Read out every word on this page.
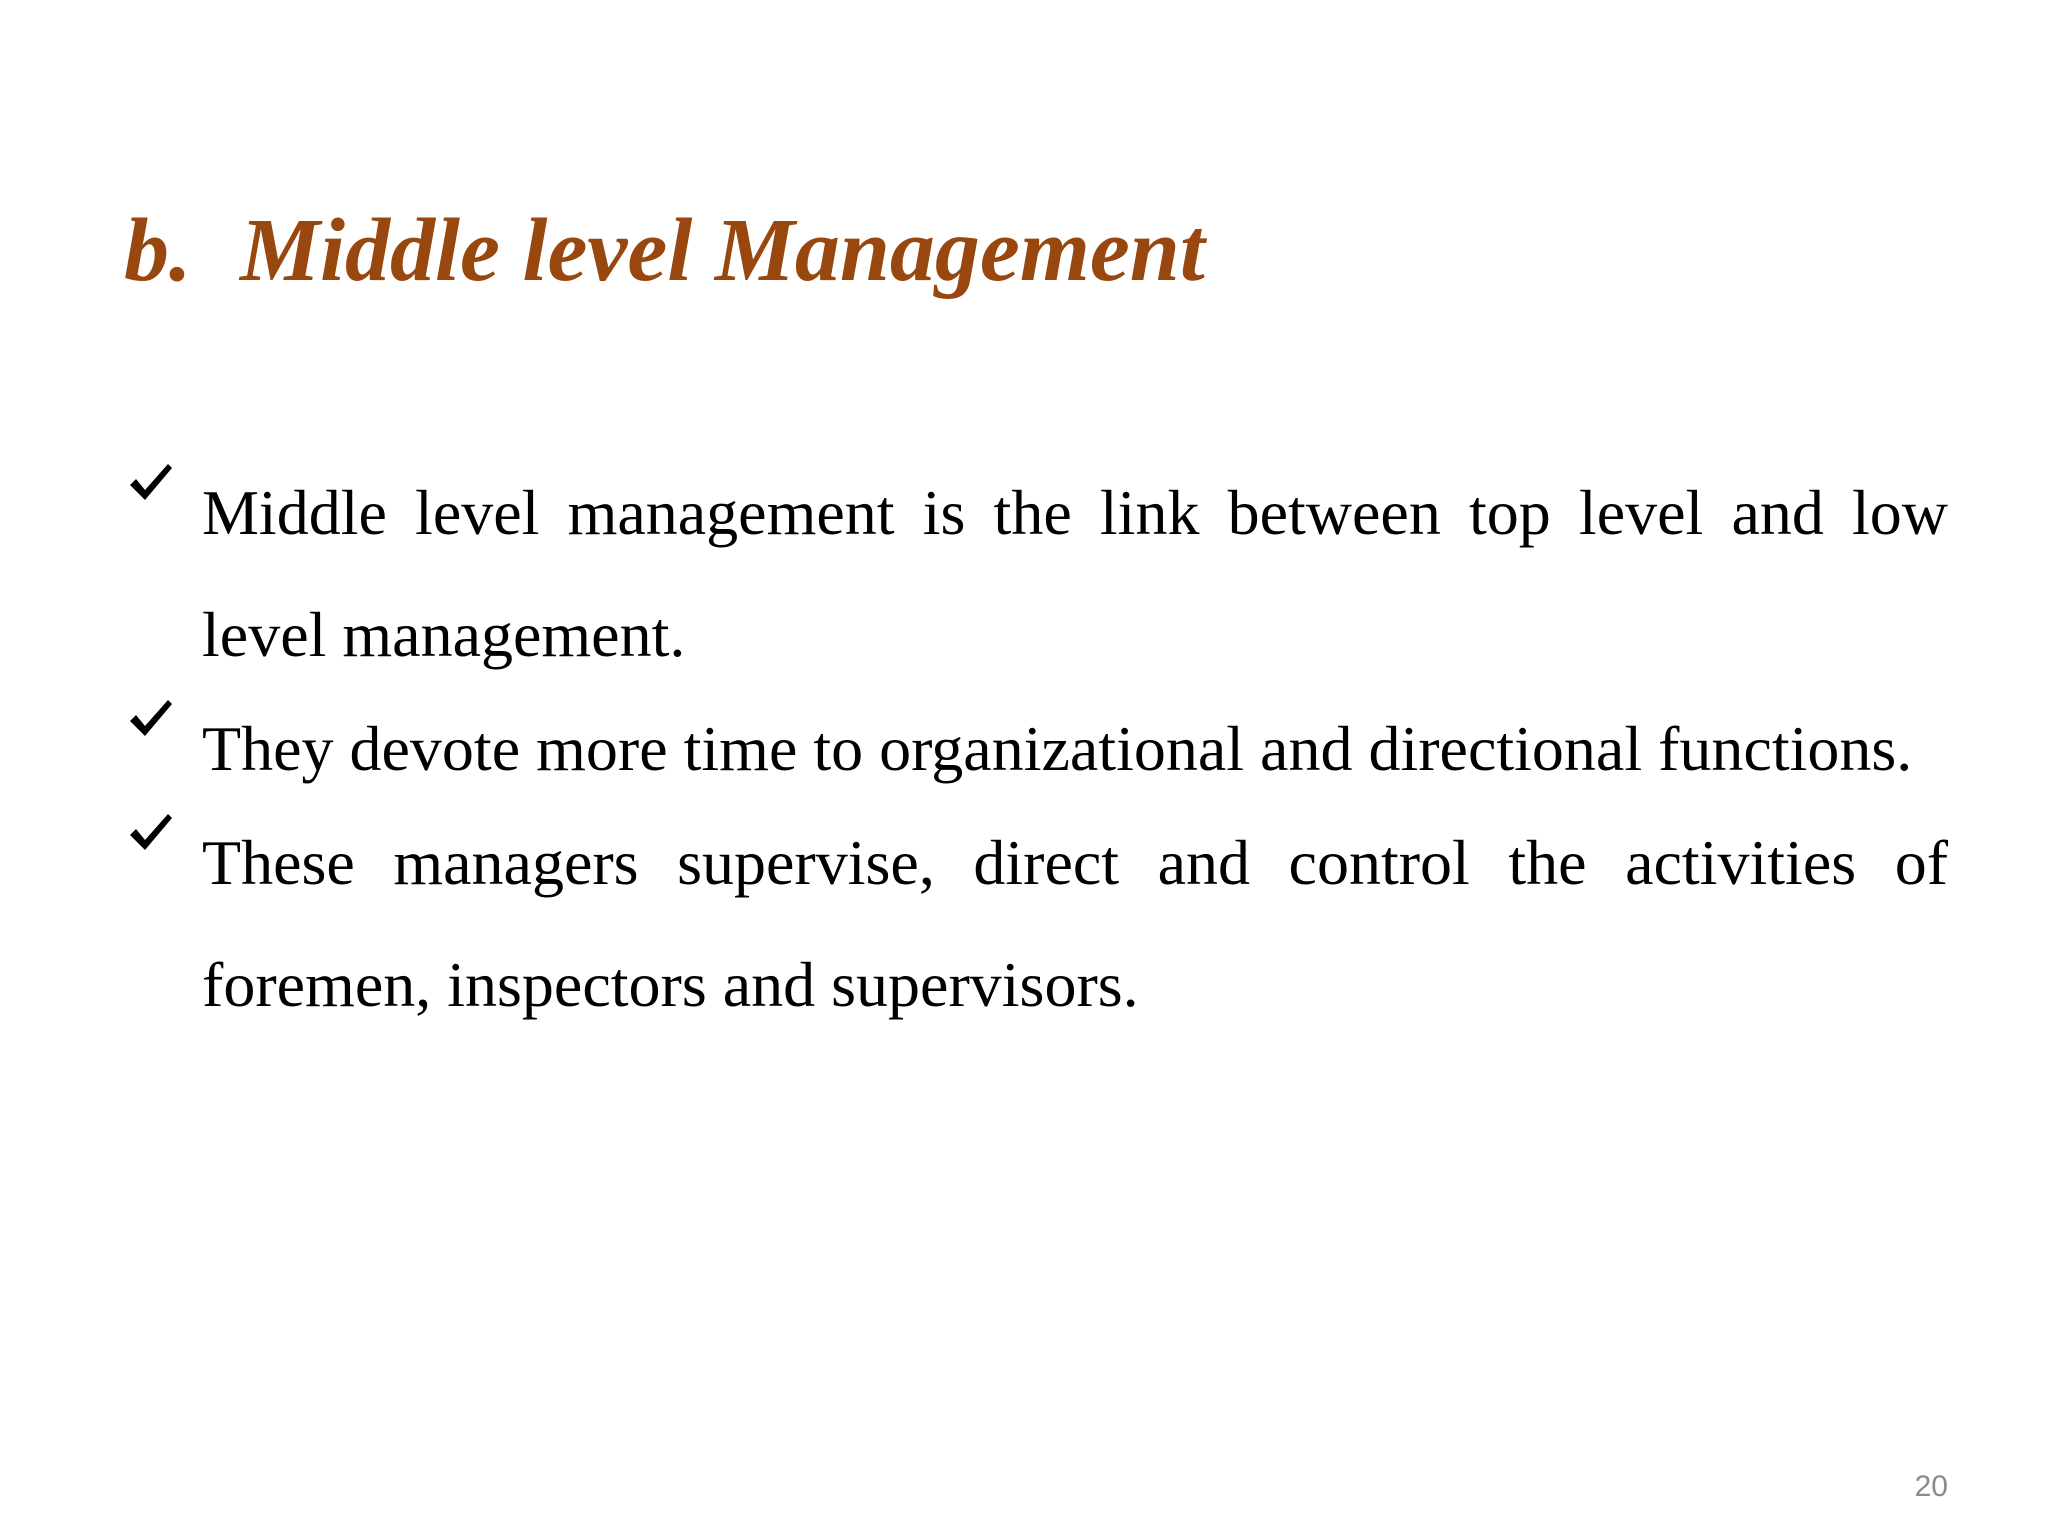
b. Middle level Management
Middle level management is the link between top level and low level management.
They devote more time to organizational and directional functions.
These managers supervise, direct and control the activities of foremen, inspectors and supervisors.
20
